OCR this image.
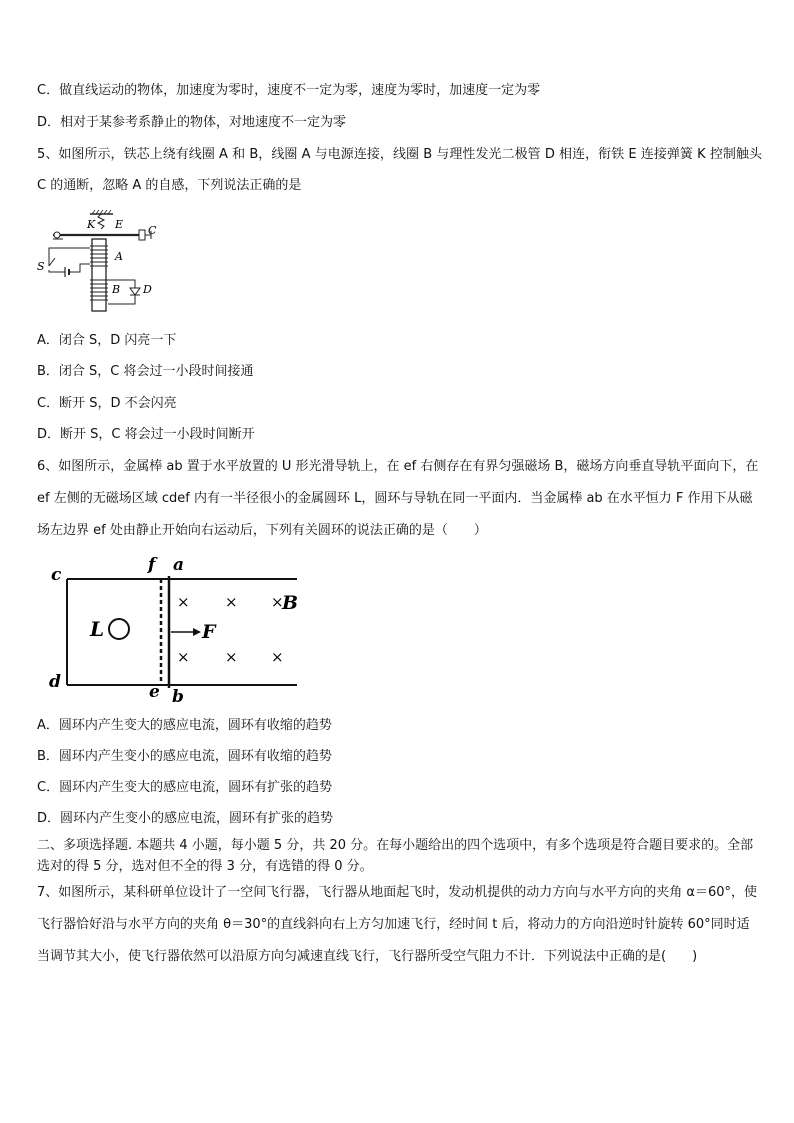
C．做直线运动的物体，加速度为零时，速度不一定为零，速度为零时，加速度一定为零
D．相对于某参考系静止的物体，对地速度不一定为零
5、如图所示，铁芯上绕有线圈 A 和 B，线圈 A 与电源连接，线圈 B 与理性发光二极管 D 相连，衔铁 E 连接弹簧 K 控制触头 C 的通断，忽略 A 的自感，下列说法正确的是
K E C
A
B
S
D
A．闭合 S，D 闪亮一下
B．闭合 S，C 将会过一小段时间接通
C．断开 S，D 不会闪亮
D．断开 S，C 将会过一小段时间断开
6、如图所示，金属棒 ab 置于水平放置的 U 形光滑导轨上，在 ef 右侧存在有界匀强磁场 B，磁场方向垂直导轨平面向下，在 ef 左侧的无磁场区域 cdef 内有一半径很小的金属圆环 L，圆环与导轨在同一平面内．当金属棒 ab 在水平恒力 F 作用下从磁场左边界 ef 处由静止开始向右运动后，下列有关圆环的说法正确的是（　　）
c
d
f a
e b
L	F
× × ×
B
× × ×
A．圆环内产生变大的感应电流，圆环有收缩的趋势
B．圆环内产生变小的感应电流，圆环有收缩的趋势
C．圆环内产生变大的感应电流，圆环有扩张的趋势
D．圆环内产生变小的感应电流，圆环有扩张的趋势
二、多项选择题. 本题共 4 小题，每小题 5 分，共 20 分。在每小题给出的四个选项中，有多个选项是符合题目要求的。全部选对的得 5 分，选对但不全的得 3 分，有选错的得 0 分。
7、如图所示，某科研单位设计了一空间飞行器，飞行器从地面起飞时，发动机提供的动力方向与水平方向的夹角 α＝60°，使飞行器恰好沿与水平方向的夹角 θ＝30°的直线斜向右上方匀加速飞行，经时间 t 后，将动力的方向沿逆时针旋转 60°同时适当调节其大小，使飞行器依然可以沿原方向匀减速直线飞行，飞行器所受空气阻力不计．下列说法中正确的是(　　)
